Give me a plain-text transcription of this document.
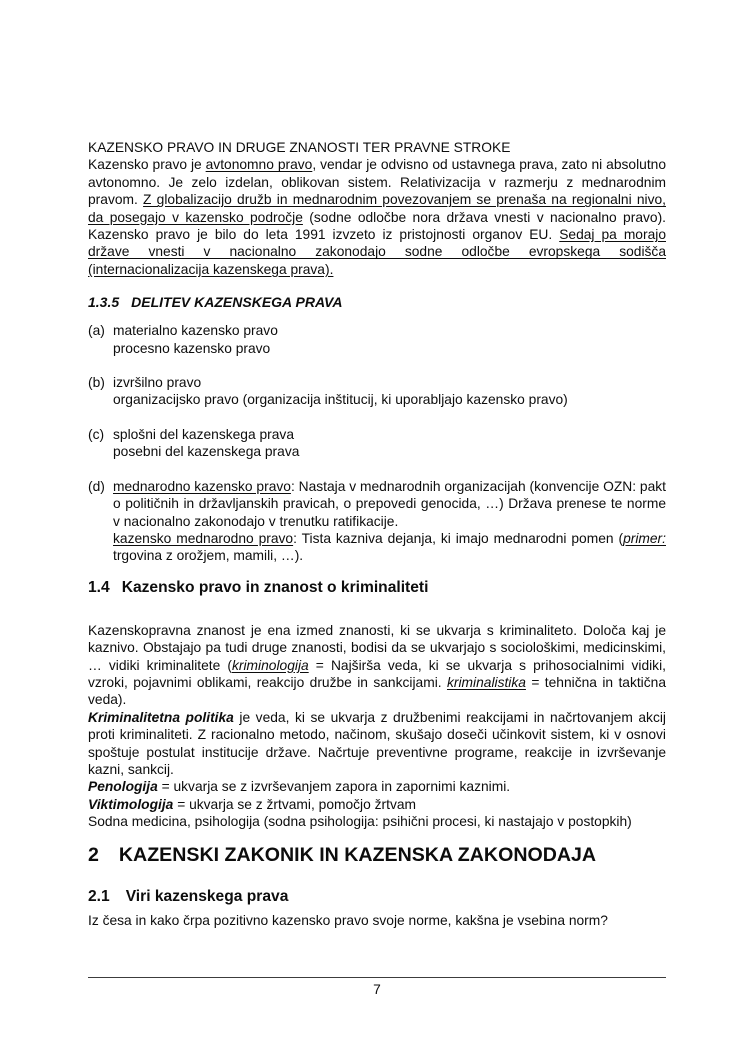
KAZENSKO PRAVO IN DRUGE ZNANOSTI TER PRAVNE STROKE

Kazensko pravo je avtonomno pravo, vendar je odvisno od ustavnega prava, zato ni absolutno avtonomno. Je zelo izdelan, oblikovan sistem. Relativizacija v razmerju z mednarodnim pravom. Z globalizacijo družb in mednarodnim povezovanjem se prenaša na regionalni nivo, da posegajo v kazensko področje (sodne odločbe nora država vnesti v nacionalno pravo). Kazensko pravo je bilo do leta 1991 izvzeto iz pristojnosti organov EU. Sedaj pa morajo države vnesti v nacionalno zakonodajo sodne odločbe evropskega sodišča (internacionalizacija kazenskega prava).

1.3.5 DELITEV KAZENSKEGA PRAVA
(a) materialno kazensko pravo
procesno kazensko pravo
(b) izvršilno pravo
organizacijsko pravo (organizacija inštitucij, ki uporabljajo kazensko pravo)
(c) splošni del kazenskega prava
posebni del kazenskega prava
(d) mednarodno kazensko pravo: Nastaja v mednarodnih organizacijah (konvencije OZN: pakt o političnih in državljanskih pravicah, o prepovedi genocida, …) Država prenese te norme v nacionalno zakonodajo v trenutku ratifikacije.
kazensko mednarodno pravo: Tista kazniva dejanja, ki imajo mednarodni pomen (primer: trgovina z orožjem, mamili, …).
1.4 Kazensko pravo in znanost o kriminaliteti

Kazenskopravna znanost je ena izmed znanosti, ki se ukvarja s kriminaliteto. Določa kaj je kaznivo. Obstajajo pa tudi druge znanosti, bodisi da se ukvarjajo s sociološkimi, medicinskimi, … vidiki kriminalitete (kriminologija = Najširša veda, ki se ukvarja s prihosocialnimi vidiki, vzroki, pojavnimi oblikami, reakcijo družbe in sankcijami. kriminalistika = tehnična in taktična veda).

Kriminalitetna politika je veda, ki se ukvarja z družbenimi reakcijami in načrtovanjem akcij proti kriminaliteti. Z racionalno metodo, načinom, skušajo doseči učinkovit sistem, ki v osnovi spoštuje postulat institucije države. Načrtuje preventivne programe, reakcije in izvrševanje kazni, sankcij.

Penologija = ukvarja se z izvrševanjem zapora in zapornimi kaznimi.

Viktimologija = ukvarja se z žrtvami, pomočjo žrtvam

Sodna medicina, psihologija (sodna psihologija: psihični procesi, ki nastajajo v postopkih)

2 KAZENSKI ZAKONIK IN KAZENSKA ZAKONODAJA
2.1 Viri kazenskega prava

Iz česa in kako črpa pozitivno kazensko pravo svoje norme, kakšna je vsebina norm?

7
